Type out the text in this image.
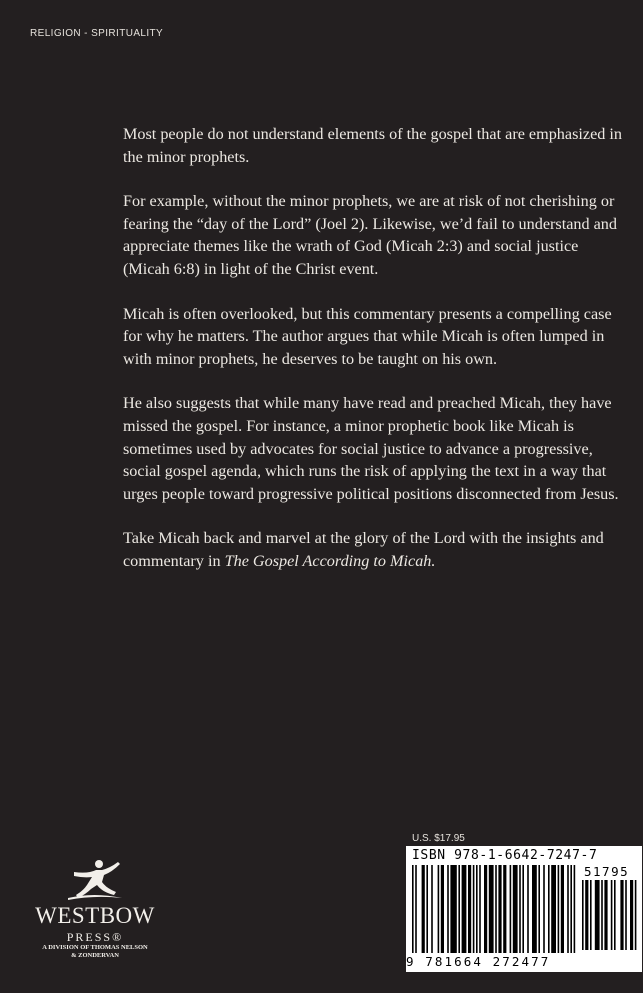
RELIGION - SPIRITUALITY

Most people do not understand elements of the gospel that are emphasized in the minor prophets.

For example, without the minor prophets, we are at risk of not cherishing or fearing the “day of the Lord” (Joel 2). Likewise, we’d fail to understand and appreciate themes like the wrath of God (Micah 2:3) and social justice (Micah 6:8) in light of the Christ event.

Micah is often overlooked, but this commentary presents a compelling case for why he matters. The author argues that while Micah is often lumped in with minor prophets, he deserves to be taught on his own.

He also suggests that while many have read and preached Micah, they have missed the gospel. For instance, a minor prophetic book like Micah is sometimes used by advocates for social justice to advance a progressive, social gospel agenda, which runs the risk of applying the text in a way that urges people toward progressive political positions disconnected from Jesus.

Take Micah back and marvel at the glory of the Lord with the insights and commentary in The Gospel According to Micah.

WESTBOW
PRESS®
A DIVISION OF THOMAS NELSON
& ZONDERVAN
U.S. $17.95
ISBN 978-1-6642-7247-7
9 781664 272477
51795
